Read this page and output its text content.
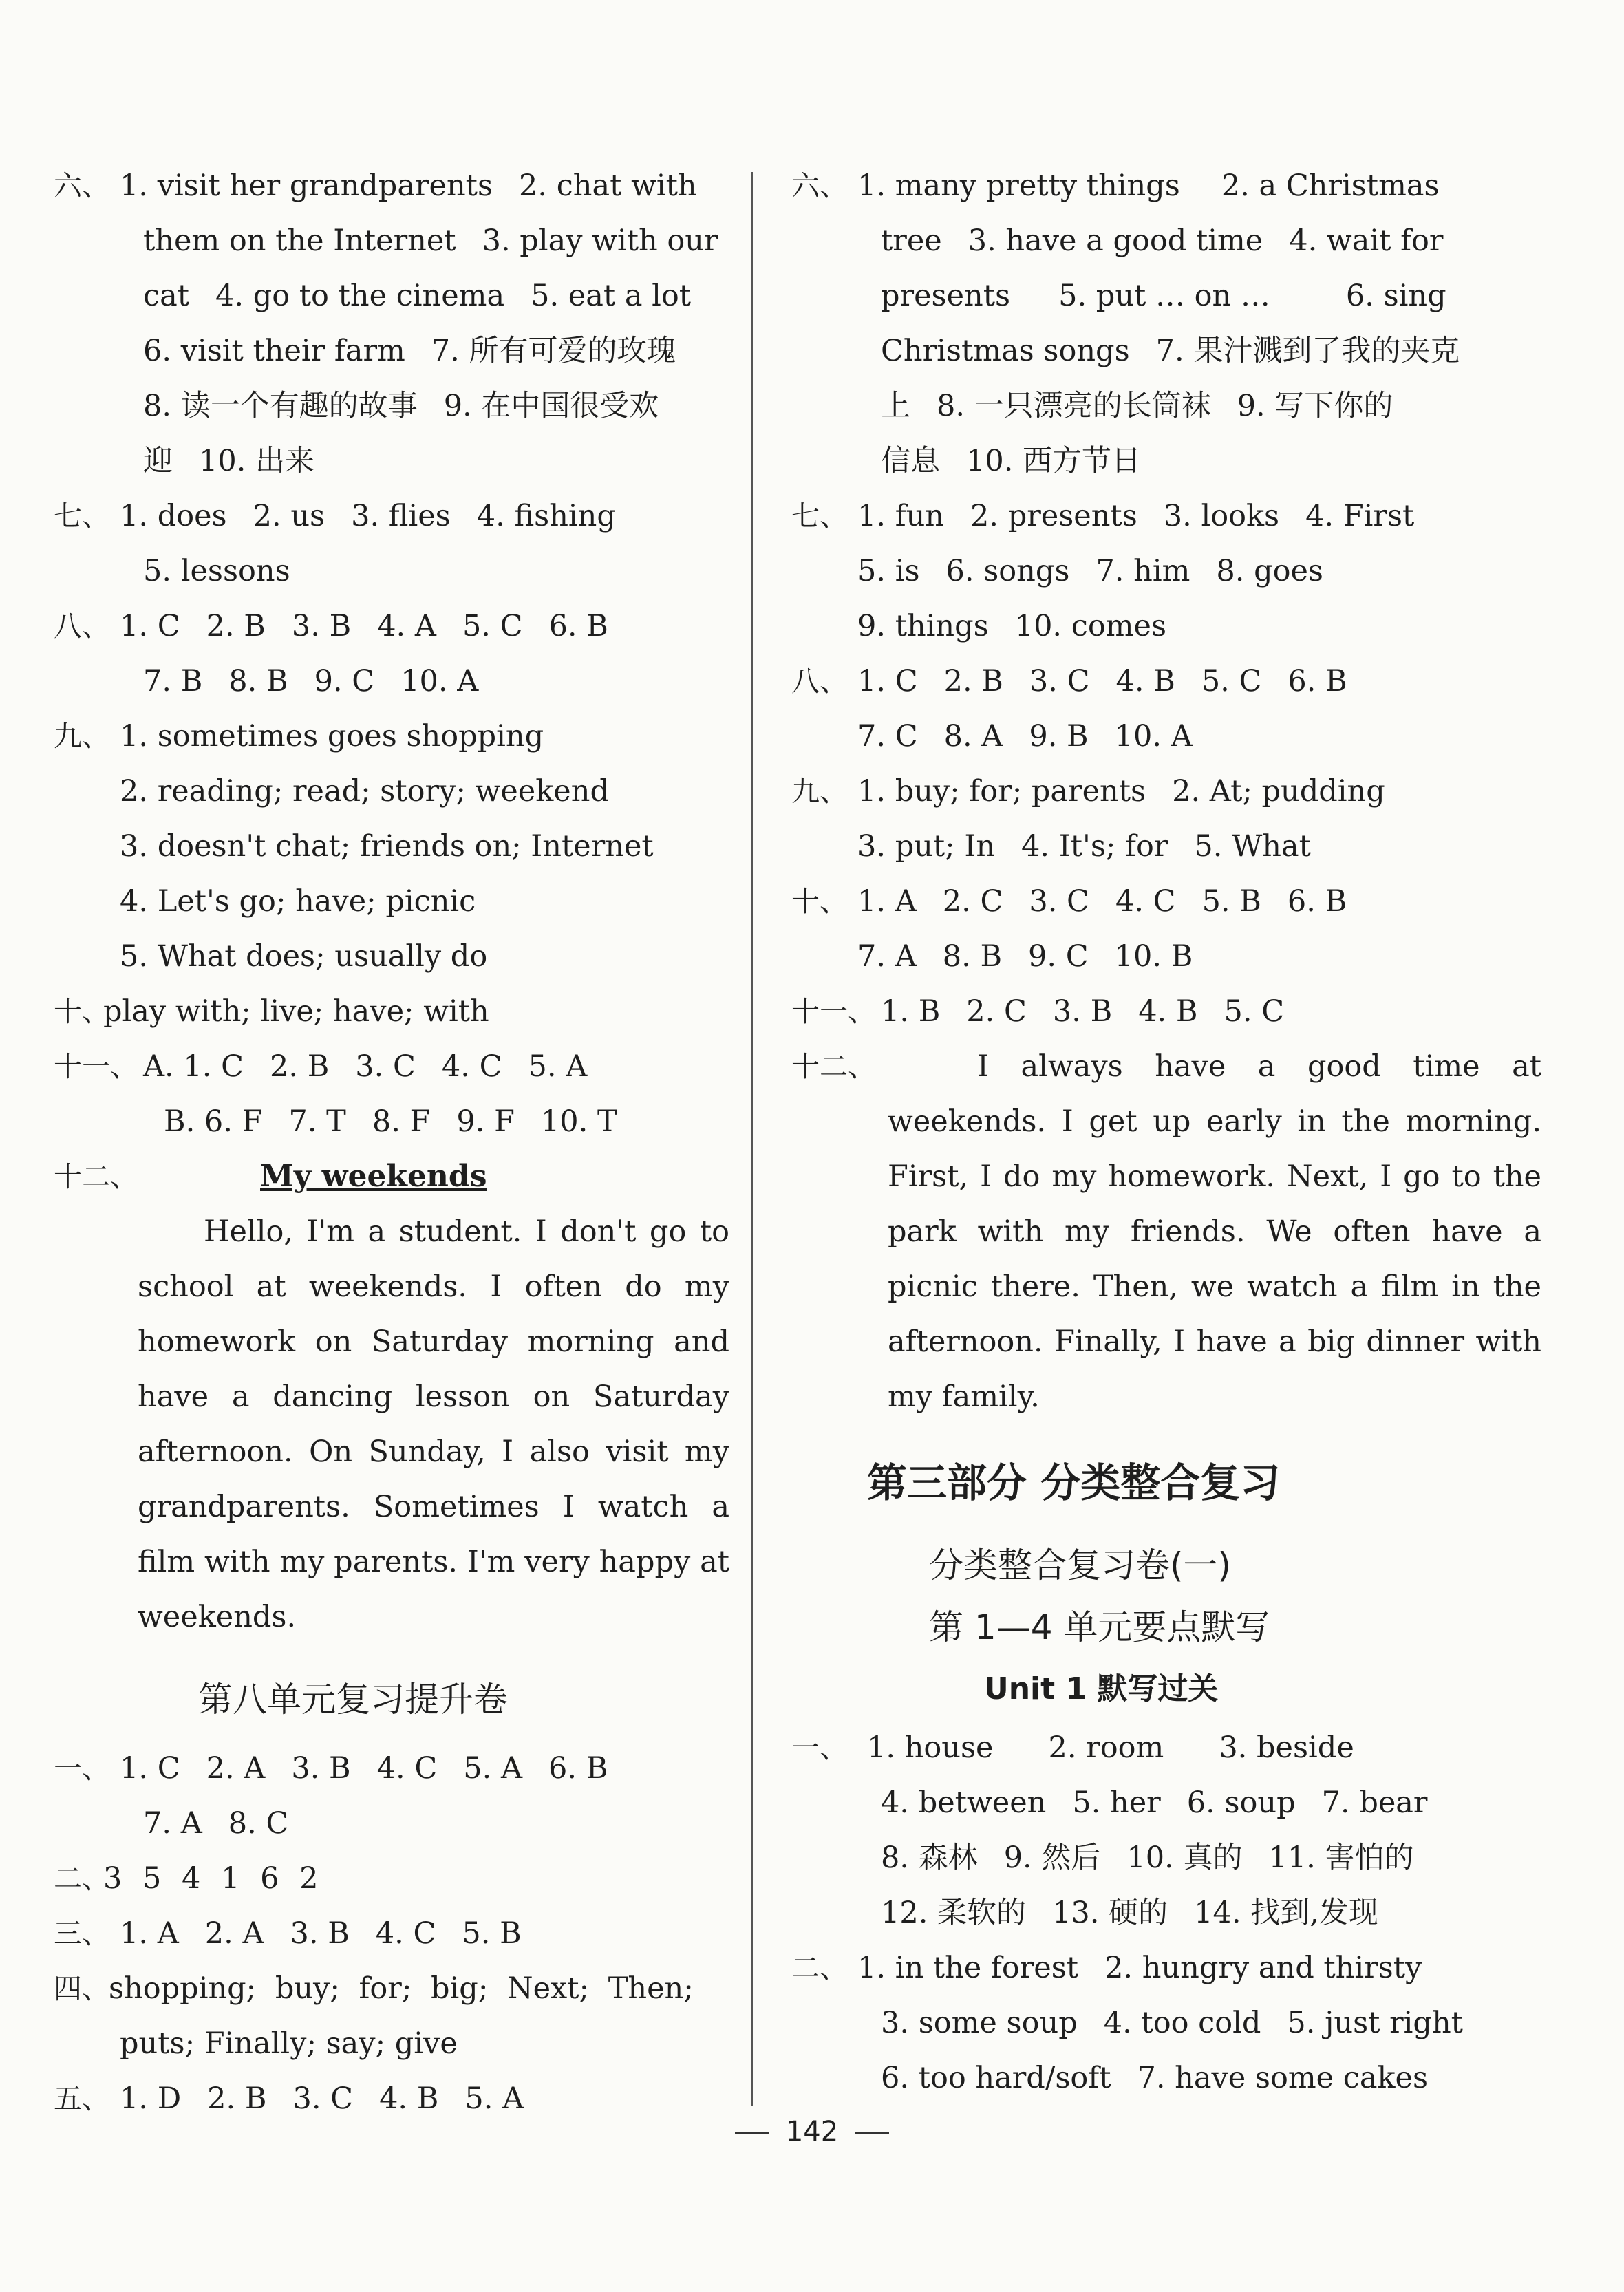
六、 1. visit her grandparents 2. chat with
them on the Internet 3. play with our
cat 4. go to the cinema 5. eat a lot
6. visit their farm 7. 所有可爱的玫瑰
8. 读一个有趣的故事 9. 在中国很受欢
迎 10. 出来
七、 1. does 2. us 3. flies 4. fishing
5. lessons
八、 1. C 2. B 3. B 4. A 5. C 6. B
7. B 8. B 9. C 10. A
九、 1. sometimes goes shopping
2. reading; read; story; weekend
3. doesn't chat; friends on; Internet
4. Let's go; have; picnic
5. What does; usually do
十、play with; live; have; with
十一、 A. 1. C 2. B 3. C 4. C 5. A
B. 6. F 7. T 8. F 9. F 10. T
十二、	My weekends
Hello, I'm a student. I don't go to school at weekends. I often do my homework on Saturday morning and have a dancing lesson on Saturday afternoon. On Sunday, I also visit my grandparents. Sometimes I watch a film with my parents. I'm very happy at weekends.
第八单元复习提升卷
一、 1. C 2. A 3. B 4. C 5. A 6. B
7. A 8. C
二、3 5 4 1 6 2
三、 1. A 2. A 3. B 4. C 5. B
四、shopping; buy; for; big; Next; Then;
puts; Finally; say; give
五、 1. D 2. B 3. C 4. B 5. A
六、 1. many pretty things 2. a Christmas
tree 3. have a good time 4. wait for
presents 5. put … on …	6. sing
Christmas songs 7. 果汁溅到了我的夹克
上 8. 一只漂亮的长筒袜 9. 写下你的
信息 10. 西方节日
七、 1. fun 2. presents 3. looks 4. First
5. is 6. songs 7. him 8. goes
9. things 10. comes
八、 1. C 2. B 3. C 4. B 5. C 6. B
7. C 8. A 9. B 10. A
九、 1. buy; for; parents 2. At; pudding
3. put; In 4. It's; for 5. What
十、 1. A 2. C 3. C 4. C 5. B 6. B
7. A 8. B 9. C 10. B
十一、 1. B 2. C 3. B 4. B 5. C
十二、	I always have a good time at weekends. I get up early in the morning. First, I do my homework. Next, I go to the park with my friends. We often have a picnic there. Then, we watch a film in the afternoon. Finally, I have a big dinner with my family.
第三部分 分类整合复习
分类整合复习卷(一)
第 1—4 单元要点默写
Unit 1 默写过关
一、 1. house 2. room 3. beside
4. between 5. her 6. soup 7. bear
8. 森林 9. 然后 10. 真的 11. 害怕的
12. 柔软的 13. 硬的 14. 找到,发现
二、 1. in the forest 2. hungry and thirsty
3. some soup 4. too cold 5. just right
6. too hard/soft 7. have some cakes
142
